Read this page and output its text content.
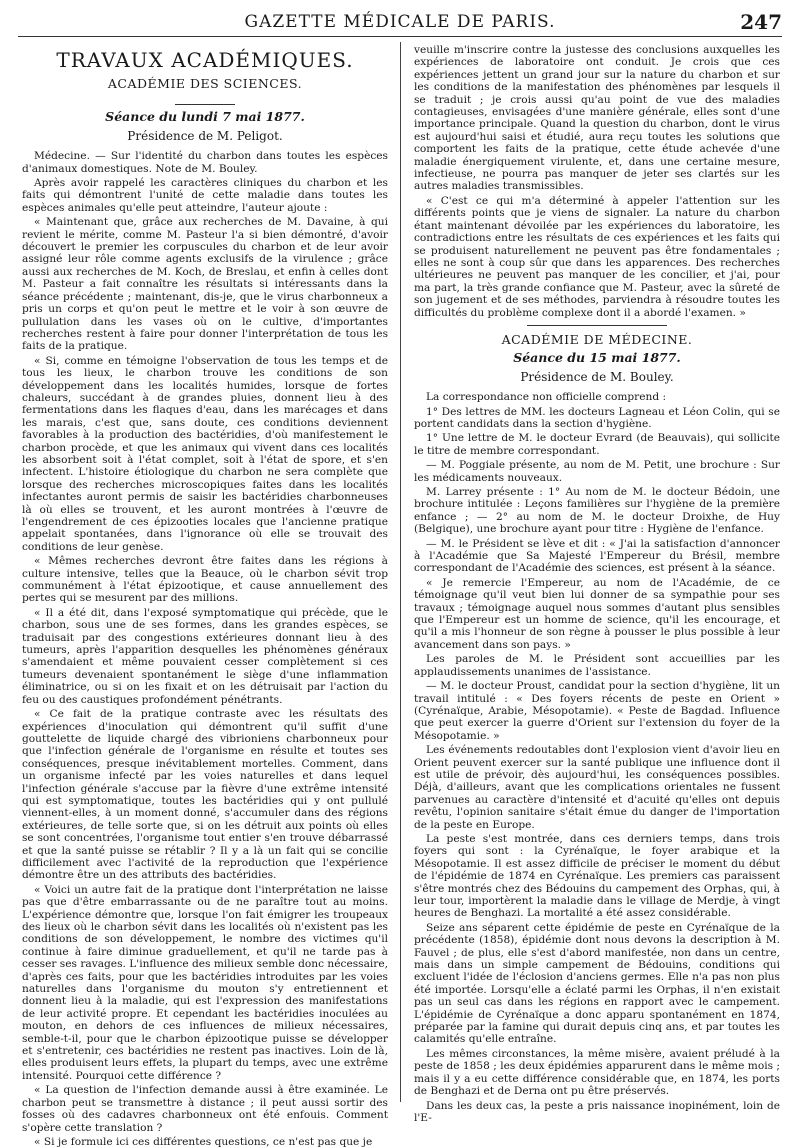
GAZETTE MÉDICALE DE PARIS.	247
TRAVAUX ACADÉMIQUES.
ACADÉMIE DES SCIENCES.
Séance du lundi 7 mai 1877.
Présidence de M. Peligot.

Médecine. — Sur l'identité du charbon dans toutes les espèces d'animaux domestiques. Note de M. Bouley.

Après avoir rappelé les caractères cliniques du charbon et les faits qui démontrent l'unité de cette maladie dans toutes les espèces animales qu'elle peut atteindre, l'auteur ajoute :

« Maintenant que, grâce aux recherches de M. Davaine, à qui revient le mérite, comme M. Pasteur l'a si bien démontré, d'avoir découvert le premier les corpuscules du charbon et de leur avoir assigné leur rôle comme agents exclusifs de la virulence ; grâce aussi aux recherches de M. Koch, de Breslau, et enfin à celles dont M. Pasteur a fait connaître les résultats si intéressants dans la séance précédente ; maintenant, dis-je, que le virus charbonneux a pris un corps et qu'on peut le mettre et le voir à son œuvre de pullulation dans les vases où on le cultive, d'importantes recherches restent à faire pour donner l'interprétation de tous les faits de la pratique.

« Si, comme en témoigne l'observation de tous les temps et de tous les lieux, le charbon trouve les conditions de son développement dans les localités humides, lorsque de fortes chaleurs, succédant à de grandes pluies, donnent lieu à des fermentations dans les flaques d'eau, dans les marécages et dans les marais, c'est que, sans doute, ces conditions deviennent favorables à la production des bactéridies, d'où manifestement le charbon procède, et que les animaux qui vivent dans ces localités les absorbent soit à l'état complet, soit à l'état de spore, et s'en infectent. L'histoire étiologique du charbon ne sera complète que lorsque des recherches microscopiques faites dans les localités infectantes auront permis de saisir les bactéridies charbonneuses là où elles se trouvent, et les auront montrées à l'œuvre de l'engendrement de ces épizooties locales que l'ancienne pratique appelait spontanées, dans l'ignorance où elle se trouvait des conditions de leur genèse.

« Mêmes recherches devront être faites dans les régions à culture intensive, telles que la Beauce, où le charbon sévit trop communément à l'état épizootique, et cause annuellement des pertes qui se mesurent par des millions.

« Il a été dit, dans l'exposé symptomatique qui précède, que le charbon, sous une de ses formes, dans les grandes espèces, se traduisait par des congestions extérieures donnant lieu à des tumeurs, après l'apparition desquelles les phénomènes généraux s'amendaient et même pouvaient cesser complètement si ces tumeurs devenaient spontanément le siège d'une inflammation éliminatrice, ou si on les fixait et on les détruisait par l'action du feu ou des caustiques profondément pénétrants.

« Ce fait de la pratique contraste avec les résultats des expériences d'inoculation qui démontrent qu'il suffit d'une gouttelette de liquide chargé des vibrioniens charbonneux pour que l'infection générale de l'organisme en résulte et toutes ses conséquences, presque inévitablement mortelles. Comment, dans un organisme infecté par les voies naturelles et dans lequel l'infection générale s'accuse par la fièvre d'une extrême intensité qui est symptomatique, toutes les bactéridies qui y ont pullulé viennent-elles, à un moment donné, s'accumuler dans des régions extérieures, de telle sorte que, si on les détruit aux points où elles se sont concentrées, l'organisme tout entier s'en trouve débarrassé et que la santé puisse se rétablir ? Il y a là un fait qui se concilie difficilement avec l'activité de la reproduction que l'expérience démontre être un des attributs des bactéridies.

« Voici un autre fait de la pratique dont l'interprétation ne laisse pas que d'être embarrassante ou de ne paraître tout au moins. L'expérience démontre que, lorsque l'on fait émigrer les troupeaux des lieux où le charbon sévit dans les localités où n'existent pas les conditions de son développement, le nombre des victimes qu'il continue à faire diminue graduellement, et qu'il ne tarde pas à cesser ses ravages. L'influence des milieux semble donc nécessaire, d'après ces faits, pour que les bactéridies introduites par les voies naturelles dans l'organisme du mouton s'y entretiennent et donnent lieu à la maladie, qui est l'expression des manifestations de leur activité propre. Et cependant les bactéridies inoculées au mouton, en dehors de ces influences de milieux nécessaires, semble-t-il, pour que le charbon épizootique puisse se développer et s'entretenir, ces bactéridies ne restent pas inactives. Loin de là, elles produisent leurs effets, la plupart du temps, avec une extrême intensité. Pourquoi cette différence ?

« La question de l'infection demande aussi à être examinée. Le charbon peut se transmettre à distance ; il peut aussi sortir des fosses où des cadavres charbonneux ont été enfouis. Comment s'opère cette translation ?

« Si je formule ici ces différentes questions, ce n'est pas que je

veuille m'inscrire contre la justesse des conclusions auxquelles les expériences de laboratoire ont conduit. Je crois que ces expériences jettent un grand jour sur la nature du charbon et sur les conditions de la manifestation des phénomènes par lesquels il se traduit ; je crois aussi qu'au point de vue des maladies contagieuses, envisagées d'une manière générale, elles sont d'une importance principale. Quand la question du charbon, dont le virus est aujourd'hui saisi et étudié, aura reçu toutes les solutions que comportent les faits de la pratique, cette étude achevée d'une maladie énergiquement virulente, et, dans une certaine mesure, infectieuse, ne pourra pas manquer de jeter ses clartés sur les autres maladies transmissibles.

« C'est ce qui m'a déterminé à appeler l'attention sur les différents points que je viens de signaler. La nature du charbon étant maintenant dévoilée par les expériences du laboratoire, les contradictions entre les résultats de ces expériences et les faits qui se produisent naturellement ne peuvent pas être fondamentales ; elles ne sont à coup sûr que dans les apparences. Des recherches ultérieures ne peuvent pas manquer de les concilier, et j'ai, pour ma part, la très grande confiance que M. Pasteur, avec la sûreté de son jugement et de ses méthodes, parviendra à résoudre toutes les difficultés du problème complexe dont il a abordé l'examen. »

ACADÉMIE DE MÉDECINE.
Séance du 15 mai 1877.
Présidence de M. Bouley.

La correspondance non officielle comprend :

1° Des lettres de MM. les docteurs Lagneau et Léon Colin, qui se portent candidats dans la section d'hygiène.

1° Une lettre de M. le docteur Evrard (de Beauvais), qui sollicite le titre de membre correspondant.

— M. Poggiale présente, au nom de M. Petit, une brochure : Sur les médicaments nouveaux.

M. Larrey présente : 1° Au nom de M. le docteur Bédoin, une brochure intitulée : Leçons familières sur l'hygiène de la première enfance ; — 2° au nom de M. le docteur Droixhe, de Huy (Belgique), une brochure ayant pour titre : Hygiène de l'enfance.

— M. le Président se lève et dit : « J'ai la satisfaction d'annoncer à l'Académie que Sa Majesté l'Empereur du Brésil, membre correspondant de l'Académie des sciences, est présent à la séance.

« Je remercie l'Empereur, au nom de l'Académie, de ce témoignage qu'il veut bien lui donner de sa sympathie pour ses travaux ; témoignage auquel nous sommes d'autant plus sensibles que l'Empereur est un homme de science, qu'il les encourage, et qu'il a mis l'honneur de son règne à pousser le plus possible à leur avancement dans son pays. »

Les paroles de M. le Président sont accueillies par les applaudissements unanimes de l'assistance.

— M. le docteur Proust, candidat pour la section d'hygiène, lit un travail intitulé : « Des foyers récents de peste en Orient » (Cyrénaïque, Arabie, Mésopotamie). « Peste de Bagdad. Influence que peut exercer la guerre d'Orient sur l'extension du foyer de la Mésopotamie. »

Les événements redoutables dont l'explosion vient d'avoir lieu en Orient peuvent exercer sur la santé publique une influence dont il est utile de prévoir, dès aujourd'hui, les conséquences possibles. Déjà, d'ailleurs, avant que les complications orientales ne fussent parvenues au caractère d'intensité et d'acuité qu'elles ont depuis revêtu, l'opinion sanitaire s'était émue du danger de l'importation de la peste en Europe.

La peste s'est montrée, dans ces derniers temps, dans trois foyers qui sont : la Cyrénaïque, le foyer arabique et la Mésopotamie. Il est assez difficile de préciser le moment du début de l'épidémie de 1874 en Cyrénaïque. Les premiers cas paraissent s'être montrés chez des Bédouins du campement des Orphas, qui, à leur tour, importèrent la maladie dans le village de Merdje, à vingt heures de Benghazi. La mortalité a été assez considérable.

Seize ans séparent cette épidémie de peste en Cyrénaïque de la précédente (1858), épidémie dont nous devons la description à M. Fauvel ; de plus, elle s'est d'abord manifestée, non dans un centre, mais dans un simple campement de Bédouins, conditions qui excluent l'idée de l'éclosion d'anciens germes. Elle n'a pas non plus été importée. Lorsqu'elle a éclaté parmi les Orphas, il n'en existait pas un seul cas dans les régions en rapport avec le campement. L'épidémie de Cyrénaïque a donc apparu spontanément en 1874, préparée par la famine qui durait depuis cinq ans, et par toutes les calamités qu'elle entraîne.

Les mêmes circonstances, la même misère, avaient préludé à la peste de 1858 ; les deux épidémies apparurent dans le même mois ; mais il y a eu cette différence considérable que, en 1874, les ports de Benghazi et de Derna ont pu être préservés.

Dans les deux cas, la peste a pris naissance inopinément, loin de l'E-
